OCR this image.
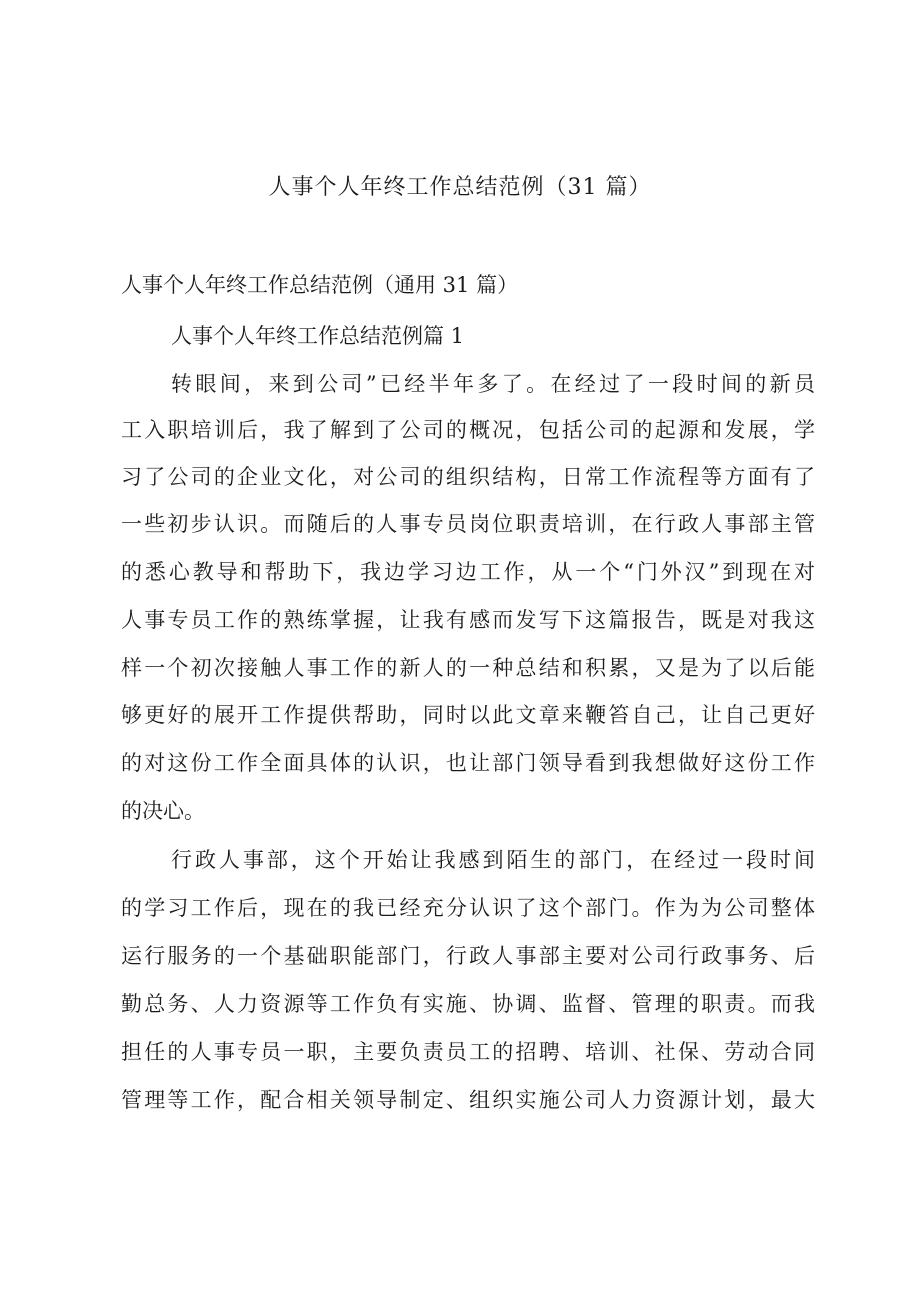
人事个人年终工作总结范例（31 篇）

人事个人年终工作总结范例（通用 31 篇）

人事个人年终工作总结范例篇 1

转眼间，来到公司”已经半年多了。在经过了一段时间的新员

工入职培训后，我了解到了公司的概况，包括公司的起源和发展，学

习了公司的企业文化，对公司的组织结构，日常工作流程等方面有了

一些初步认识。而随后的人事专员岗位职责培训，在行政人事部主管

的悉心教导和帮助下，我边学习边工作，从一个“门外汉”到现在对

人事专员工作的熟练掌握，让我有感而发写下这篇报告，既是对我这

样一个初次接触人事工作的新人的一种总结和积累，又是为了以后能

够更好的展开工作提供帮助，同时以此文章来鞭笞自己，让自己更好

的对这份工作全面具体的认识，也让部门领导看到我想做好这份工作

的决心。

行政人事部，这个开始让我感到陌生的部门，在经过一段时间

的学习工作后，现在的我已经充分认识了这个部门。作为为公司整体

运行服务的一个基础职能部门，行政人事部主要对公司行政事务、后

勤总务、人力资源等工作负有实施、协调、监督、管理的职责。而我

担任的人事专员一职，主要负责员工的招聘、培训、社保、劳动合同

管理等工作，配合相关领导制定、组织实施公司人力资源计划，最大
